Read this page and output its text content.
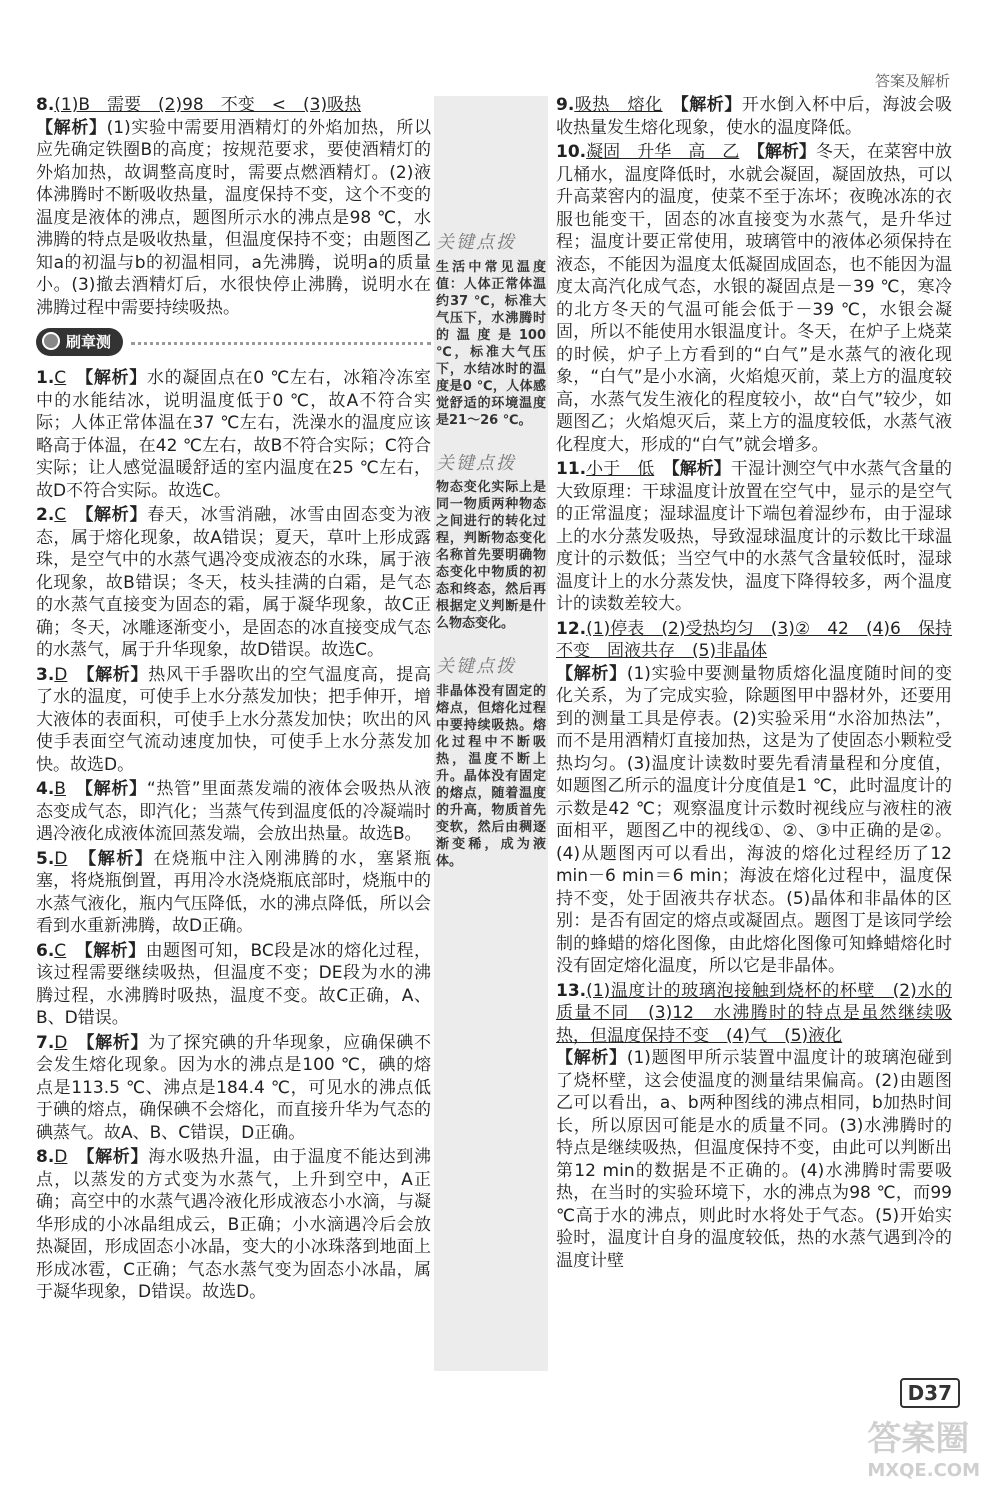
答案及解析

8.(1)B　需要　(2)98　不变　<　(3)吸热
【解析】(1)实验中需要用酒精灯的外焰加热，所以应先确定铁圈B的高度；按规范要求，要使酒精灯的外焰加热，故调整高度时，需要点燃酒精灯。(2)液体沸腾时不断吸收热量，温度保持不变，这个不变的温度是液体的沸点，题图所示水的沸点是98 ℃，水沸腾的特点是吸收热量，但温度保持不变；由题图乙知a的初温与b的初温相同，a先沸腾，说明a的质量小。(3)撤去酒精灯后，水很快停止沸腾，说明水在沸腾过程中需要持续吸热。

刷章测

1.C　 【解析】水的凝固点在0 ℃左右，冰箱冷冻室中的水能结冰，说明温度低于0 ℃，故A不符合实际；人体正常体温在37 ℃左右，洗澡水的温度应该略高于体温，在42 ℃左右，故B不符合实际；C符合实际；让人感觉温暖舒适的室内温度在25 ℃左右，故D不符合实际。故选C。

2.C　 【解析】春天，冰雪消融，冰雪由固态变为液态，属于熔化现象，故A错误；夏天，草叶上形成露珠，是空气中的水蒸气遇冷变成液态的水珠，属于液化现象，故B错误；冬天，枝头挂满的白霜，是气态的水蒸气直接变为固态的霜，属于凝华现象，故C正确；冬天，冰雕逐渐变小，是固态的冰直接变成气态的水蒸气，属于升华现象，故D错误。故选C。

3.D　 【解析】热风干手器吹出的空气温度高，提高了水的温度，可使手上水分蒸发加快；把手伸开，增大液体的表面积，可使手上水分蒸发加快；吹出的风使手表面空气流动速度加快，可使手上水分蒸发加快。故选D。

4.B　 【解析】“热管”里面蒸发端的液体会吸热从液态变成气态，即汽化；当蒸气传到温度低的冷凝端时遇冷液化成液体流回蒸发端，会放出热量。故选B。

5.D　 【解析】在烧瓶中注入刚沸腾的水，塞紧瓶塞，将烧瓶倒置，再用冷水浇烧瓶底部时，烧瓶中的水蒸气液化，瓶内气压降低，水的沸点降低，所以会看到水重新沸腾，故D正确。

6.C　 【解析】由题图可知，BC段是冰的熔化过程，该过程需要继续吸热，但温度不变；DE段为水的沸腾过程，水沸腾时吸热，温度不变。故C正确，A、B、D错误。

7.D　 【解析】为了探究碘的升华现象，应确保碘不会发生熔化现象。因为水的沸点是100 ℃，碘的熔点是113.5 ℃、沸点是184.4 ℃，可见水的沸点低于碘的熔点，确保碘不会熔化，而直接升华为气态的碘蒸气。故A、B、C错误，D正确。

8.D　 【解析】海水吸热升温，由于温度不能达到沸点，以蒸发的方式变为水蒸气，上升到空中，A正确；高空中的水蒸气遇冷液化形成液态小水滴，与凝华形成的小冰晶组成云，B正确；小水滴遇冷后会放热凝固，形成固态小冰晶，变大的小冰珠落到地面上形成冰雹，C正确；气态水蒸气变为固态小冰晶，属于凝华现象，D错误。故选D。

关键点拨
生活中常见温度值：人体正常体温约37 ℃，标准大气压下，水沸腾时的温度是100 ℃，标准大气压下，水结冰时的温度是0 ℃，人体感觉舒适的环境温度是21～26 ℃。
关键点拨
物态变化实际上是同一物质两种物态之间进行的转化过程，判断物态变化名称首先要明确物态变化中物质的初态和终态，然后再根据定义判断是什么物态变化。
关键点拨
非晶体没有固定的熔点，但熔化过程中要持续吸热。熔化过程中不断吸热，温度不断上升。晶体没有固定的熔点，随着温度的升高，物质首先变软，然后由稠逐渐变稀，成为液体。

9.吸热　熔化　 【解析】开水倒入杯中后，海波会吸收热量发生熔化现象，使水的温度降低。

10.凝固　升华　高　乙　 【解析】冬天，在菜窖中放几桶水，温度降低时，水就会凝固，凝固放热，可以升高菜窖内的温度，使菜不至于冻坏；夜晚冰冻的衣服也能变干，固态的冰直接变为水蒸气，是升华过程；温度计要正常使用，玻璃管中的液体必须保持在液态，不能因为温度太低凝固成固态，也不能因为温度太高汽化成气态，水银的凝固点是－39 ℃，寒冷的北方冬天的气温可能会低于－39 ℃，水银会凝固，所以不能使用水银温度计。冬天，在炉子上烧菜的时候，炉子上方看到的“白气”是水蒸气的液化现象，“白气”是小水滴，火焰熄灭前，菜上方的温度较高，水蒸气发生液化的程度较小，故“白气”较少，如题图乙；火焰熄灭后，菜上方的温度较低，水蒸气液化程度大，形成的“白气”就会增多。

11.小于　低　 【解析】干湿计测空气中水蒸气含量的大致原理：干球温度计放置在空气中，显示的是空气的正常温度；湿球温度计下端包着湿纱布，由于湿球上的水分蒸发吸热，导致湿球温度计的示数比干球温度计的示数低；当空气中的水蒸气含量较低时，湿球温度计上的水分蒸发快，温度下降得较多，两个温度计的读数差较大。

12.(1)停表　(2)受热均匀　(3)②　42　(4)6　保持不变　固液共存　(5)非晶体
【解析】(1)实验中要测量物质熔化温度随时间的变化关系，为了完成实验，除题图甲中器材外，还要用到的测量工具是停表。(2)实验采用“水浴加热法”，而不是用酒精灯直接加热，这是为了使固态小颗粒受热均匀。(3)温度计读数时要先看清量程和分度值，如题图乙所示的温度计分度值是1 ℃，此时温度计的示数是42 ℃；观察温度计示数时视线应与液柱的液面相平，题图乙中的视线①、②、③中正确的是②。(4)从题图丙可以看出，海波的熔化过程经历了12 min－6 min＝6 min；海波在熔化过程中，温度保持不变，处于固液共存状态。(5)晶体和非晶体的区别：是否有固定的熔点或凝固点。题图丁是该同学绘制的蜂蜡的熔化图像，由此熔化图像可知蜂蜡熔化时没有固定熔化温度，所以它是非晶体。

13.(1)温度计的玻璃泡接触到烧杯的杯壁　(2)水的质量不同　(3)12　水沸腾时的特点是虽然继续吸热，但温度保持不变　(4)气　(5)液化
【解析】(1)题图甲所示装置中温度计的玻璃泡碰到了烧杯壁，这会使温度的测量结果偏高。(2)由题图乙可以看出，a、b两种图线的沸点相同，b加热时间长，所以原因可能是水的质量不同。(3)水沸腾时的特点是继续吸热，但温度保持不变，由此可以判断出第12 min的数据是不正确的。(4)水沸腾时需要吸热，在当时的实验环境下，水的沸点为98 ℃，而99 ℃高于水的沸点，则此时水将处于气态。(5)开始实验时，温度计自身的温度较低，热的水蒸气遇到冷的温度计壁

D37
答案圈
MXQE.COM
